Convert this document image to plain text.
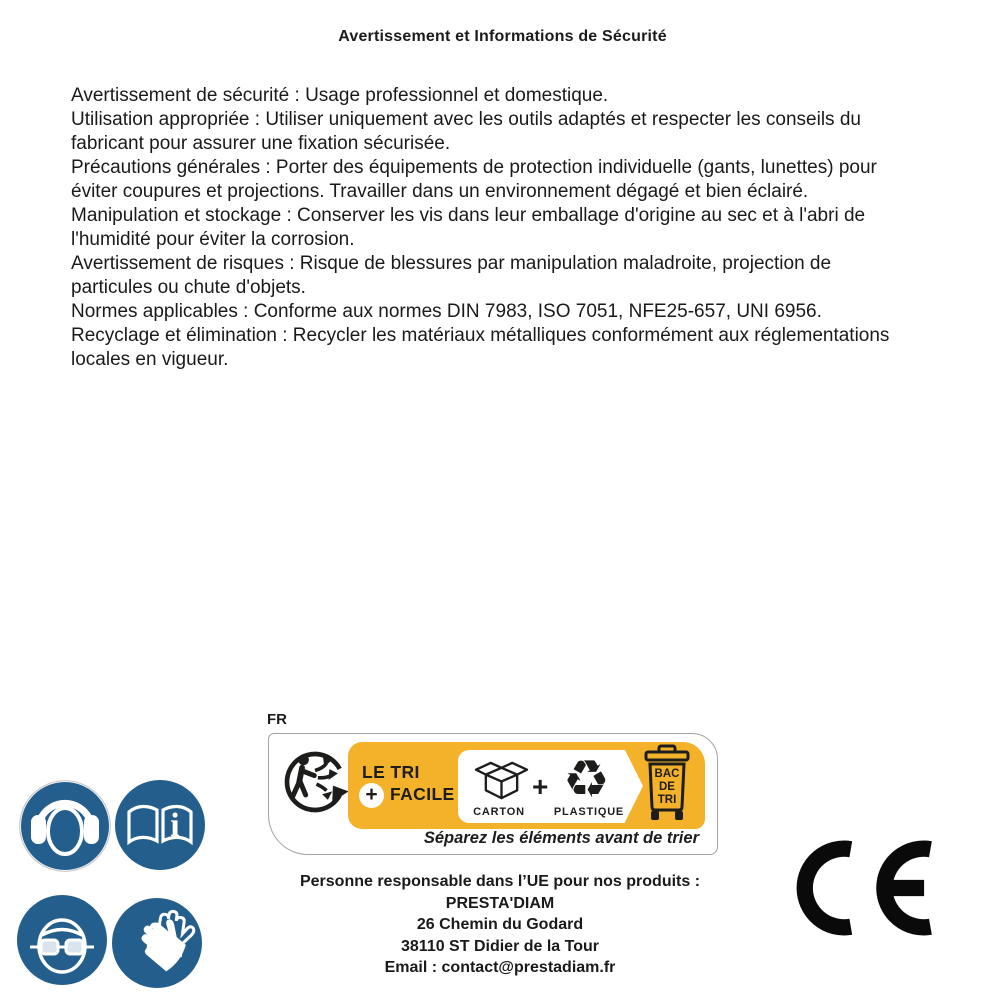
Avertissement et Informations de Sécurité
Avertissement de sécurité : Usage professionnel et domestique.
Utilisation appropriée : Utiliser uniquement avec les outils adaptés et respecter les conseils du
fabricant pour assurer une fixation sécurisée.
Précautions générales : Porter des équipements de protection individuelle (gants, lunettes) pour
éviter coupures et projections. Travailler dans un environnement dégagé et bien éclairé.
Manipulation et stockage : Conserver les vis dans leur emballage d'origine au sec et à l'abri de
l'humidité pour éviter la corrosion.
Avertissement de risques : Risque de blessures par manipulation maladroite, projection de
particules ou chute d'objets.
Normes applicables : Conforme aux normes DIN 7983, ISO 7051, NFE25-657, UNI 6956.
Recyclage et élimination : Recycler les matériaux métalliques conformément aux réglementations
locales en vigueur.
i
FR
LE TRI
+ FACILE
CARTON
+ ♻
PLASTIQUE
BAC
DE
TRI
Séparez les éléments avant de trier
Personne responsable dans l’UE pour nos produits :
PRESTA'DIAM
26 Chemin du Godard
38110 ST Didier de la Tour
Email : contact@prestadiam.fr
